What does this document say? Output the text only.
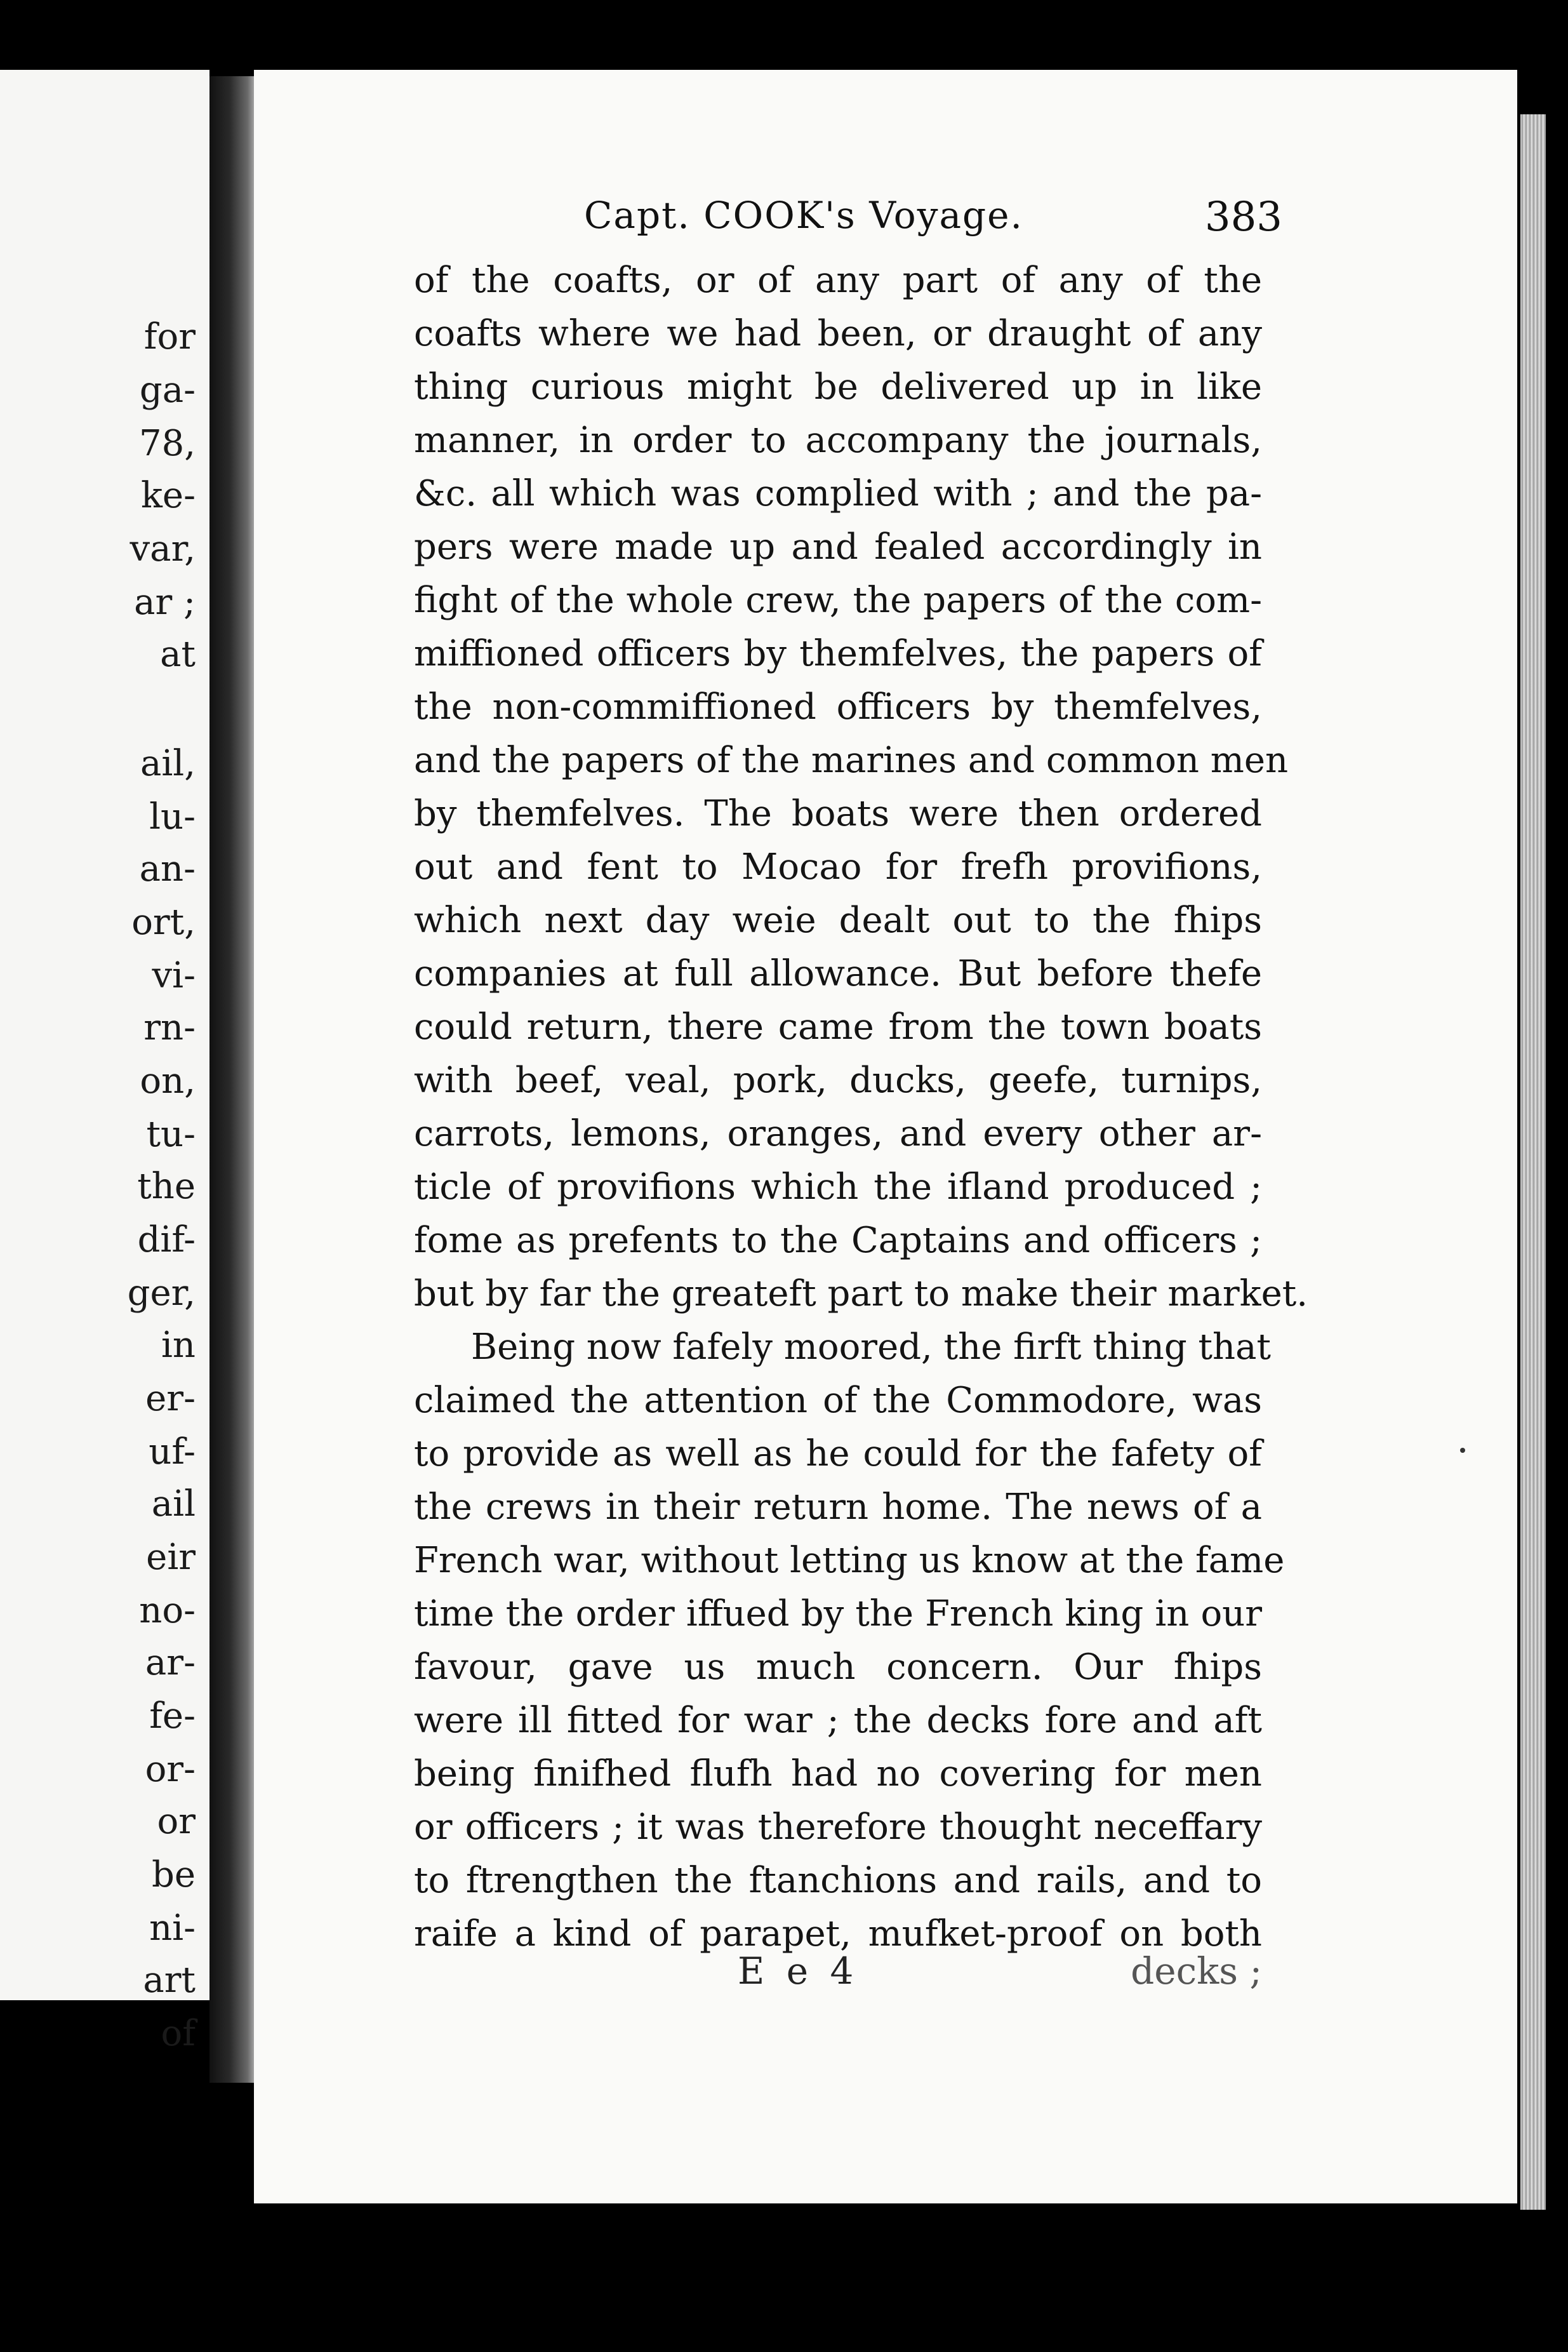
for
ga-
78,
ke-
var,
ar ;
at
ail,
lu-
an-
ort,
vi-
rn-
on,
tu-
the
dif-
ger,
in
er-
uf-
ail
eir
no-
ar-
fe-
or-
or
be
ni-
art
of
Capt. COOK's Voyage.	383
of the coafts, or of any part of any of the
coafts where we had been, or draught of any
thing curious might be delivered up in like
manner, in order to accompany the journals,
&c. all which was complied with ; and the pa-
pers were made up and fealed accordingly in
fight of the whole crew, the papers of the com-
miffioned officers by themfelves, the papers of
the non-commiffioned officers by themfelves,
and the papers of the marines and common men
by themfelves. The boats were then ordered
out and fent to Mocao for frefh provifions,
which next day weie dealt out to the fhips
companies at full allowance. But before thefe
could return, there came from the town boats
with beef, veal, pork, ducks, geefe, turnips,
carrots, lemons, oranges, and every other ar-
ticle of provifions which the ifland produced ;
fome as prefents to the Captains and officers ;
but by far the greateft part to make their market.
Being now fafely moored, the firft thing that
claimed the attention of the Commodore, was
to provide as well as he could for the fafety of
the crews in their return home. The news of a
French war, without letting us know at the fame
time the order iffued by the French king in our
favour, gave us much concern. Our fhips
were ill fitted for war ; the decks fore and aft
being finifhed flufh had no covering for men
or officers ; it was therefore thought neceffary
to ftrengthen the ftanchions and rails, and to
raife a kind of parapet, mufket-proof on both
E e 4	decks ;
